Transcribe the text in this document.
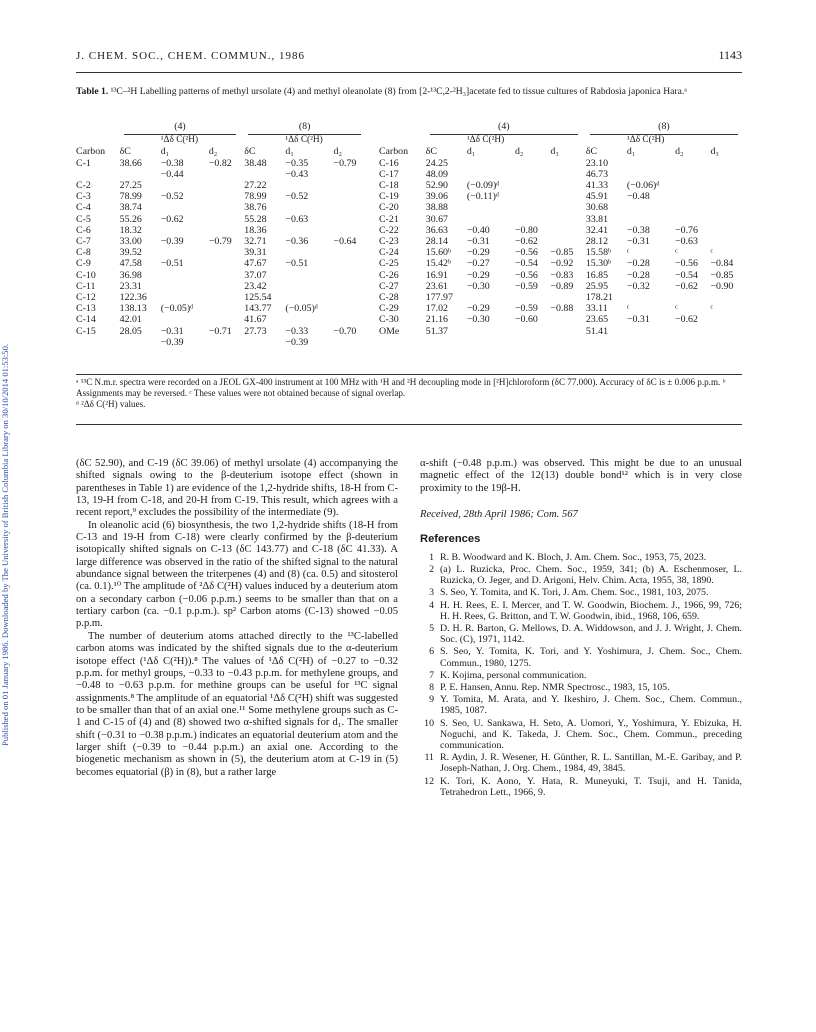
Published on 01 January 1986. Downloaded by The University of British Columbia Library on 30/10/2014 01:53:50.
J. CHEM. SOC., CHEM. COMMUN., 1986	1143
Table 1. ¹³C–²H Labelling patterns of methyl ursolate (4) and methyl oleanolate (8) from [2-¹³C,2-²H₃]acetate fed to tissue cultures of Rabdosia japonica Hara.ᵃ
	(4)			(8)				(4)				(8)			

		¹Δδ C(²H)			¹Δδ C(²H)				¹Δδ C(²H)				¹Δδ C(²H)		
Carbon	δC	d₁	d₂	δC	d₁	d₂	Carbon	δC	d₁	d₂	d₃	δC	d₁	d₂	d₃
C-1	38.66	−0.38	−0.82	38.48	−0.35	−0.79	C-16	24.25				23.10			
		−0.44			−0.43		C-17	48.09				46.73			
C-2	27.25			27.22			C-18	52.90	(−0.09)ᵈ			41.33	(−0.06)ᵈ		
C-3	78.99	−0.52		78.99	−0.52		C-19	39.06	(−0.11)ᵈ			45.91	−0.48		
C-4	38.74			38.76			C-20	38.88				30.68			
C-5	55.26	−0.62		55.28	−0.63		C-21	30.67				33.81			
C-6	18.32			18.36			C-22	36.63	−0.40	−0.80		32.41	−0.38	−0.76	
C-7	33.00	−0.39	−0.79	32.71	−0.36	−0.64	C-23	28.14	−0.31	−0.62		28.12	−0.31	−0.63	
C-8	39.52			39.31			C-24	15.60ᵇ	−0.29	−0.56	−0.85	15.58ᵇ	ᶜ	ᶜ	ᶜ
C-9	47.58	−0.51		47.67	−0.51		C-25	15.42ᵇ	−0.27	−0.54	−0.92	15.30ᵇ	−0.28	−0.56	−0.84
C-10	36.98			37.07			C-26	16.91	−0.29	−0.56	−0.83	16.85	−0.28	−0.54	−0.85
C-11	23.31			23.42			C-27	23.61	−0.30	−0.59	−0.89	25.95	−0.32	−0.62	−0.90
C-12	122.36			125.54			C-28	177.97				178.21			
C-13	138.13	(−0.05)ᵈ		143.77	(−0.05)ᵈ		C-29	17.02	−0.29	−0.59	−0.88	33.11	ᶜ	ᶜ	ᶜ
C-14	42.01			41.67			C-30	21.16	−0.30	−0.60		23.65	−0.31	−0.62	
C-15	28.05	−0.31	−0.71	27.73	−0.33	−0.70	OMe	51.37				51.41			
		−0.39			−0.39										
ᵃ ¹³C N.m.r. spectra were recorded on a JEOL GX-400 instrument at 100 MHz with ¹H and ²H decoupling mode in [²H]chloroform (δC 77.000). Accuracy of δC is ± 0.006 p.p.m. ᵇ Assignments may be reversed. ᶜ These values were not obtained because of signal overlap.
ᵈ ²Δδ C(²H) values.

(δC 52.90), and C-19 (δC 39.06) of methyl ursolate (4) accompanying the shifted signals owing to the β-deuterium isotope effect (shown in parentheses in Table 1) are evidence of the 1,2-hydride shifts, 18-H from C-13, 19-H from C-18, and 20-H from C-19. This result, which agrees with a recent report,⁹ excludes the possibility of the intermediate (9).

In oleanolic acid (6) biosynthesis, the two 1,2-hydride shifts (18-H from C-13 and 19-H from C-18) were clearly confirmed by the β-deuterium isotopically shifted signals on C-13 (δC 143.77) and C-18 (δC 41.33). A large difference was observed in the ratio of the shifted signal to the natural abundance signal between the triterpenes (4) and (8) (ca. 0.5) and sitosterol (ca. 0.1).¹⁰ The amplitude of ²Δδ C(²H) values induced by a deuterium atom on a secondary carbon (−0.06 p.p.m.) seems to be smaller than that on a tertiary carbon (ca. −0.1 p.p.m.). sp² Carbon atoms (C-13) showed −0.05 p.p.m.

The number of deuterium atoms attached directly to the ¹³C-labelled carbon atoms was indicated by the shifted signals due to the α-deuterium isotope effect (¹Δδ C(²H)).⁸ The values of ¹Δδ C(²H) of −0.27 to −0.32 p.p.m. for methyl groups, −0.33 to −0.43 p.p.m. for methylene groups, and −0.48 to −0.63 p.p.m. for methine groups can be useful for ¹³C signal assignments.⁸ The amplitude of an equatorial ¹Δδ C(²H) shift was suggested to be smaller than that of an axial one.¹¹ Some methylene groups such as C-1 and C-15 of (4) and (8) showed two α-shifted signals for d₁. The smaller shift (−0.31 to −0.38 p.p.m.) indicates an equatorial deuterium atom and the larger shift (−0.39 to −0.44 p.p.m.) an axial one. According to the biogenetic mechanism as shown in (5), the deuterium atom at C-19 in (5) becomes equatorial (β) in (8), but a rather large

α-shift (−0.48 p.p.m.) was observed. This might be due to an unusual magnetic effect of the 12(13) double bond¹² which is in very close proximity to the 19β-H.

Received, 28th April 1986; Com. 567

References
1 R. B. Woodward and K. Bloch, J. Am. Chem. Soc., 1953, 75, 2023.
2 (a) L. Ruzicka, Proc. Chem. Soc., 1959, 341; (b) A. Eschenmoser, L. Ruzicka, O. Jeger, and D. Arigoni, Helv. Chim. Acta, 1955, 38, 1890.
3 S. Seo, Y. Tomita, and K. Tori, J. Am. Chem. Soc., 1981, 103, 2075.
4 H. H. Rees, E. I. Mercer, and T. W. Goodwin, Biochem. J., 1966, 99, 726; H. H. Rees, G. Britton, and T. W. Goodwin, ibid., 1968, 106, 659.
5 D. H. R. Barton, G. Mellows, D. A. Widdowson, and J. J. Wright, J. Chem. Soc. (C), 1971, 1142.
6 S. Seo, Y. Tomita, K. Tori, and Y. Yoshimura, J. Chem. Soc., Chem. Commun., 1980, 1275.
7 K. Kojima, personal communication.
8 P. E. Hansen, Annu. Rep. NMR Spectrosc., 1983, 15, 105.
9 Y. Tomita, M. Arata, and Y. Ikeshiro, J. Chem. Soc., Chem. Commun., 1985, 1087.
10 S. Seo, U. Sankawa, H. Seto, A. Uomori, Y., Yoshimura, Y. Ebizuka, H. Noguchi, and K. Takeda, J. Chem. Soc., Chem. Commun., preceding communication.
11 R. Aydin, J. R. Wesener, H. Günther, R. L. Santillan, M.-E. Garibay, and P. Joseph-Nathan, J. Org. Chem., 1984, 49, 3845.
12 K. Tori, K. Aono, Y. Hata, R. Muneyuki, T. Tsuji, and H. Tanida, Tetrahedron Lett., 1966, 9.
